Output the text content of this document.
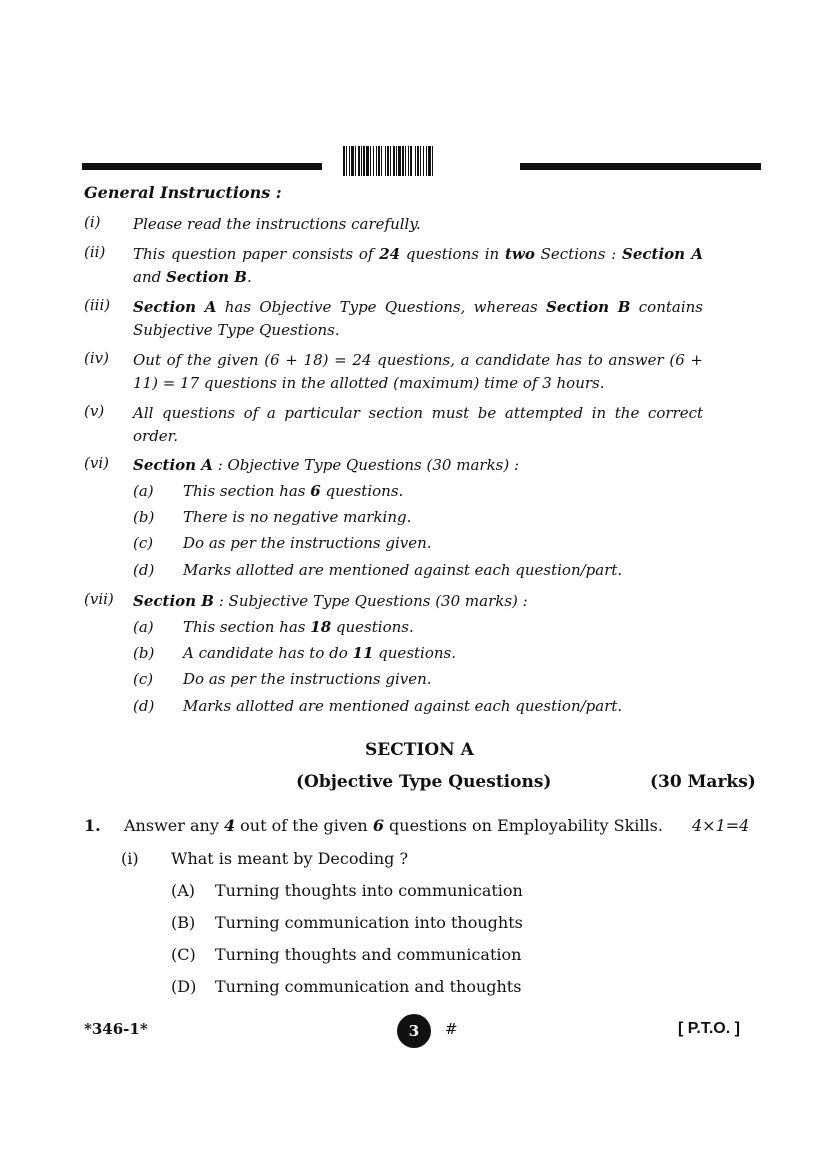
General Instructions :
(i) Please read the instructions carefully.
(ii) This question paper consists of 24 questions in two Sections : Section A and Section B.
(iii) Section A has Objective Type Questions, whereas Section B contains Subjective Type Questions.
(iv) Out of the given (6 + 18) = 24 questions, a candidate has to answer (6 + 11) = 17 questions in the allotted (maximum) time of 3 hours.
(v) All questions of a particular section must be attempted in the correct order.
(vi) Section A : Objective Type Questions (30 marks) :
(a) This section has 6 questions.
(b) There is no negative marking.
(c) Do as per the instructions given.
(d) Marks allotted are mentioned against each question/part.
(vii) Section B : Subjective Type Questions (30 marks) :
(a) This section has 18 questions.
(b) A candidate has to do 11 questions.
(c) Do as per the instructions given.
(d) Marks allotted are mentioned against each question/part.
SECTION A
(Objective Type Questions)	(30 Marks)
1. Answer any 4 out of the given 6 questions on Employability Skills. 4×1=4
(i) What is meant by Decoding ?
(A) Turning thoughts into communication
(B) Turning communication into thoughts
(C) Turning thoughts and communication
(D) Turning communication and thoughts
*346-1*	3	#	[ P.T.O. ]
